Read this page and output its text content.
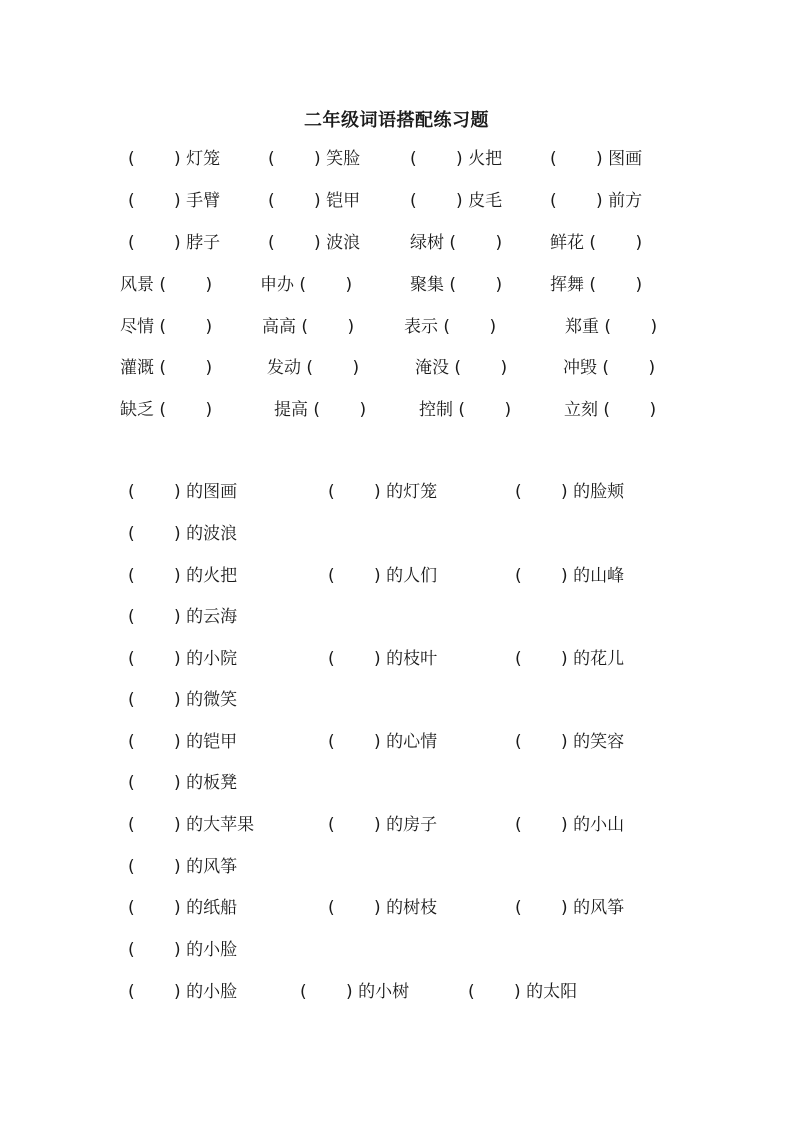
二年级词语搭配练习题
(　　 ) 灯笼	(　　 ) 笑脸	(　　 ) 火把	(　　 ) 图画
(　　 ) 手臂	(　　 ) 铠甲	(　　 ) 皮毛	(　　 ) 前方
(　　 ) 脖子	(　　 ) 波浪	绿树 (　　 )	鲜花 (　　 )
风景 (　　 )	申办 (　　 )	聚集 (　　 )	挥舞 (　　 )
尽情 (　　 )	高高 (　　 )	表示 (　　 )	郑重 (　　 )
灌溉 (　　 )	发动 (　　 )	淹没 (　　 )	冲毁 (　　 )
缺乏 (　　 )	提高 (　　 )	控制 (　　 )	立刻 (　　 )
(　　 ) 的图画	(　　 ) 的灯笼	(　　 ) 的脸颊
(　　 ) 的波浪
(　　 ) 的火把	(　　 ) 的人们	(　　 ) 的山峰
(　　 ) 的云海
(　　 ) 的小院	(　　 ) 的枝叶	(　　 ) 的花儿
(　　 ) 的微笑
(　　 ) 的铠甲	(　　 ) 的心情	(　　 ) 的笑容
(　　 ) 的板凳
(　　 ) 的大苹果	(　　 ) 的房子	(　　 ) 的小山
(　　 ) 的风筝
(　　 ) 的纸船	(　　 ) 的树枝	(　　 ) 的风筝
(　　 ) 的小脸
(　　 ) 的小脸	(　　 ) 的小树	(　　 ) 的太阳
